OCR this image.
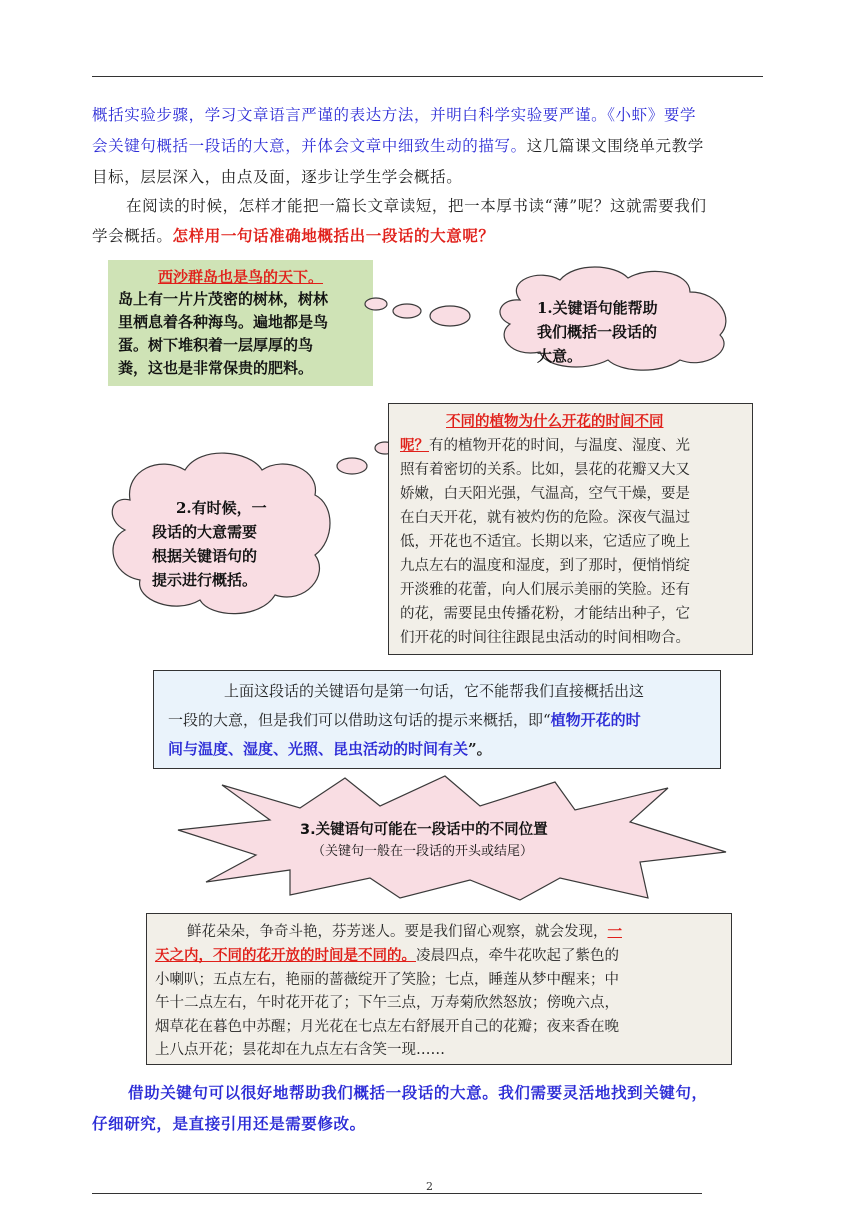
概括实验步骤，学习文章语言严谨的表达方法，并明白科学实验要严谨。《小虾》要学
会关键句概括一段话的大意，并体会文章中细致生动的描写。这几篇课文围绕单元教学
目标，层层深入，由点及面，逐步让学生学会概括。
在阅读的时候，怎样才能把一篇长文章读短，把一本厚书读“薄”呢？这就需要我们
学会概括。怎样用一句话准确地概括出一段话的大意呢？
西沙群岛也是鸟的天下。
岛上有一片片茂密的树林，树林
里栖息着各种海鸟。遍地都是鸟
蛋。树下堆积着一层厚厚的鸟
粪，这也是非常保贵的肥料。
1.关键语句能帮助
我们概括一段话的
大意。
2.有时候，一
段话的大意需要
根据关键语句的
提示进行概括。
不同的植物为什么开花的时间不同
呢？有的植物开花的时间，与温度、湿度、光
照有着密切的关系。比如，昙花的花瓣又大又
娇嫩，白天阳光强，气温高，空气干燥，要是
在白天开花，就有被灼伤的危险。深夜气温过
低，开花也不适宜。长期以来，它适应了晚上
九点左右的温度和湿度，到了那时，便悄悄绽
开淡雅的花蕾，向人们展示美丽的笑脸。还有
的花，需要昆虫传播花粉，才能结出种子，它
们开花的时间往往跟昆虫活动的时间相吻合。
上面这段话的关键语句是第一句话，它不能帮我们直接概括出这
一段的大意，但是我们可以借助这句话的提示来概括，即“植物开花的时
间与温度、湿度、光照、昆虫活动的时间有关”。
3.关键语句可能在一段话中的不同位置
（关键句一般在一段话的开头或结尾）
鲜花朵朵，争奇斗艳，芬芳迷人。要是我们留心观察，就会发现，一
天之内，不同的花开放的时间是不同的。凌晨四点，牵牛花吹起了紫色的
小喇叭；五点左右，艳丽的蔷薇绽开了笑脸；七点，睡莲从梦中醒来；中
午十二点左右，午时花开花了；下午三点，万寿菊欣然怒放；傍晚六点，
烟草花在暮色中苏醒；月光花在七点左右舒展开自己的花瓣；夜来香在晚
上八点开花；昙花却在九点左右含笑一现……
借助关键句可以很好地帮助我们概括一段话的大意。我们需要灵活地找到关键句，
仔细研究，是直接引用还是需要修改。
2
